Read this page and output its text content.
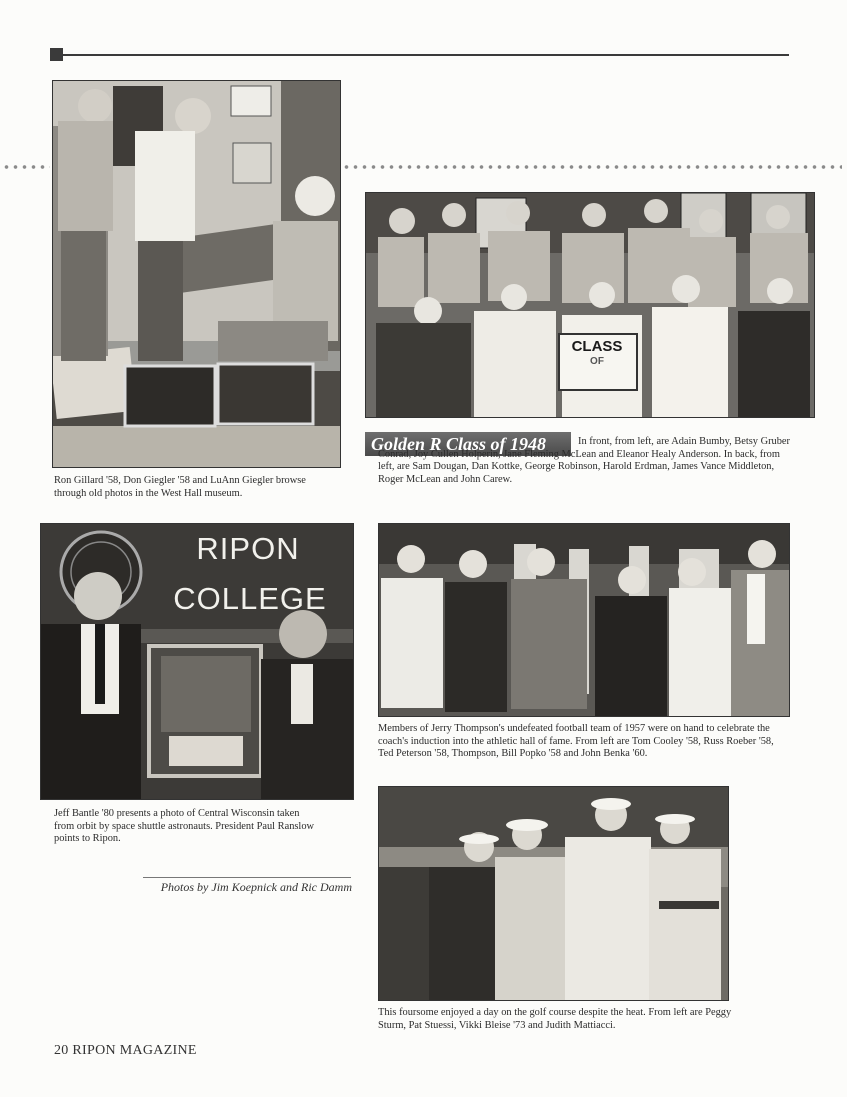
Ron Gillard '58, Don Giegler '58 and LuAnn Giegler browse through old photos in the West Hall museum.
CLASS
OF
Golden R Class of 1948	In front, from left, are Adain Bumby, Betsy Gruber Conrad, Joy Cullen Holperin, Jane Fleming McLean and Eleanor Healy Anderson. In back, from left, are Sam Dougan, Dan Kottke, George Robinson, Harold Erdman, James Vance Middleton, Roger McLean and John Carew.
RIPON
COLLEGE
Jeff Bantle '80 presents a photo of Central Wisconsin taken from orbit by space shuttle astronauts. President Paul Ranslow points to Ripon.
Members of Jerry Thompson's undefeated football team of 1957 were on hand to celebrate the coach's induction into the athletic hall of fame. From left are Tom Cooley '58, Russ Roeber '58, Ted Peterson '58, Thompson, Bill Popko '58 and John Benka '60.
This foursome enjoyed a day on the golf course despite the heat. From left are Peggy Sturm, Pat Stuessi, Vikki Bleise '73 and Judith Mattiacci.
Photos by Jim Koepnick and Ric Damm
20 RIPON MAGAZINE
